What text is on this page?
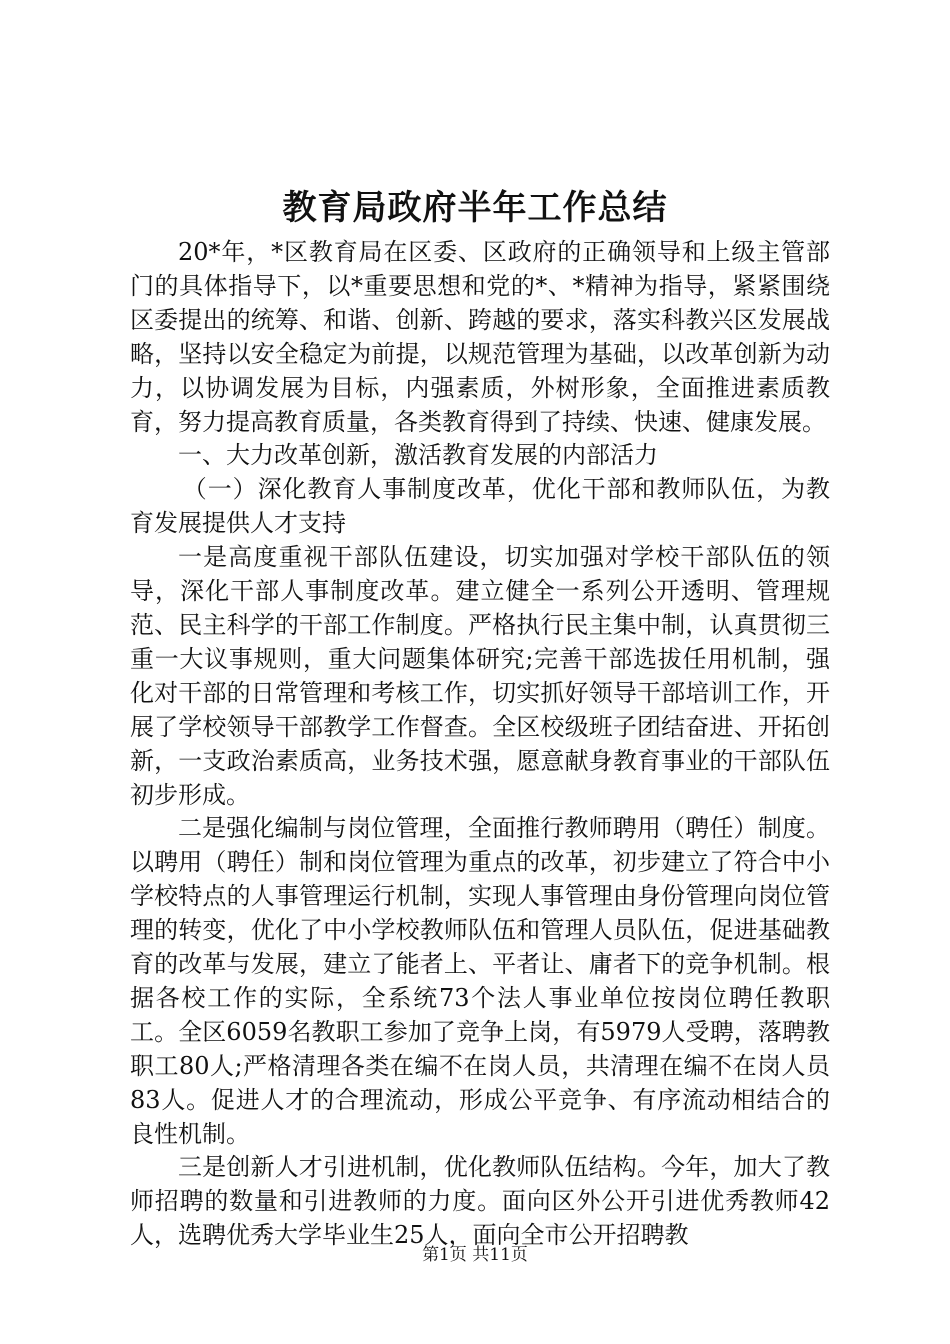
教育局政府半年工作总结

20*年，*区教育局在区委、区政府的正确领导和上级主管部门的具体指导下，以*重要思想和党的*、*精神为指导，紧紧围绕区委提出的统筹、和谐、创新、跨越的要求，落实科教兴区发展战略，坚持以安全稳定为前提，以规范管理为基础，以改革创新为动力，以协调发展为目标，内强素质，外树形象，全面推进素质教育，努力提高教育质量，各类教育得到了持续、快速、健康发展。

一、大力改革创新，激活教育发展的内部活力

（一）深化教育人事制度改革，优化干部和教师队伍，为教育发展提供人才支持

一是高度重视干部队伍建设，切实加强对学校干部队伍的领导，深化干部人事制度改革。建立健全一系列公开透明、管理规范、民主科学的干部工作制度。严格执行民主集中制，认真贯彻三重一大议事规则，重大问题集体研究;完善干部选拔任用机制，强化对干部的日常管理和考核工作，切实抓好领导干部培训工作，开展了学校领导干部教学工作督查。全区校级班子团结奋进、开拓创新，一支政治素质高，业务技术强，愿意献身教育事业的干部队伍初步形成。

二是强化编制与岗位管理，全面推行教师聘用（聘任）制度。以聘用（聘任）制和岗位管理为重点的改革，初步建立了符合中小学校特点的人事管理运行机制，实现人事管理由身份管理向岗位管理的转变，优化了中小学校教师队伍和管理人员队伍，促进基础教育的改革与发展，建立了能者上、平者让、庸者下的竞争机制。根据各校工作的实际，全系统73个法人事业单位按岗位聘任教职工。全区6059名教职工参加了竞争上岗，有5979人受聘，落聘教职工80人;严格清理各类在编不在岗人员，共清理在编不在岗人员83人。促进人才的合理流动，形成公平竞争、有序流动相结合的良性机制。

三是创新人才引进机制，优化教师队伍结构。今年，加大了教师招聘的数量和引进教师的力度。面向区外公开引进优秀教师42人，选聘优秀大学毕业生25人，面向全市公开招聘教

第1页 共11页
